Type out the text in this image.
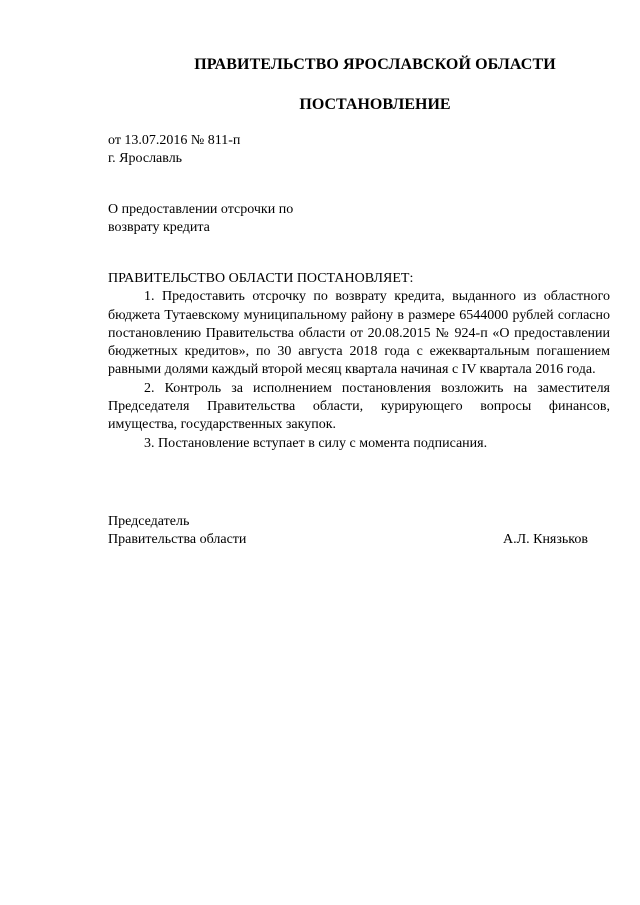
ПРАВИТЕЛЬСТВО ЯРОСЛАВСКОЙ ОБЛАСТИ
ПОСТАНОВЛЕНИЕ
от 13.07.2016 № 811-п
г. Ярославль
О предоставлении отсрочки по
возврату кредита

ПРАВИТЕЛЬСТВО ОБЛАСТИ ПОСТАНОВЛЯЕТ:

1. Предоставить отсрочку по возврату кредита, выданного из областного бюджета Тутаевскому муниципальному району в размере 6544000 рублей согласно постановлению Правительства области от 20.08.2015 № 924-п «О предоставлении бюджетных кредитов», по 30 августа 2018 года с ежеквартальным погашением равными долями каждый второй месяц квартала начиная с IV квартала 2016 года.

2. Контроль за исполнением постановления возложить на заместителя Председателя Правительства области, курирующего вопросы финансов, имущества, государственных закупок.

3. Постановление вступает в силу с момента подписания.

Председатель
Правительства области	А.Л. Князьков
